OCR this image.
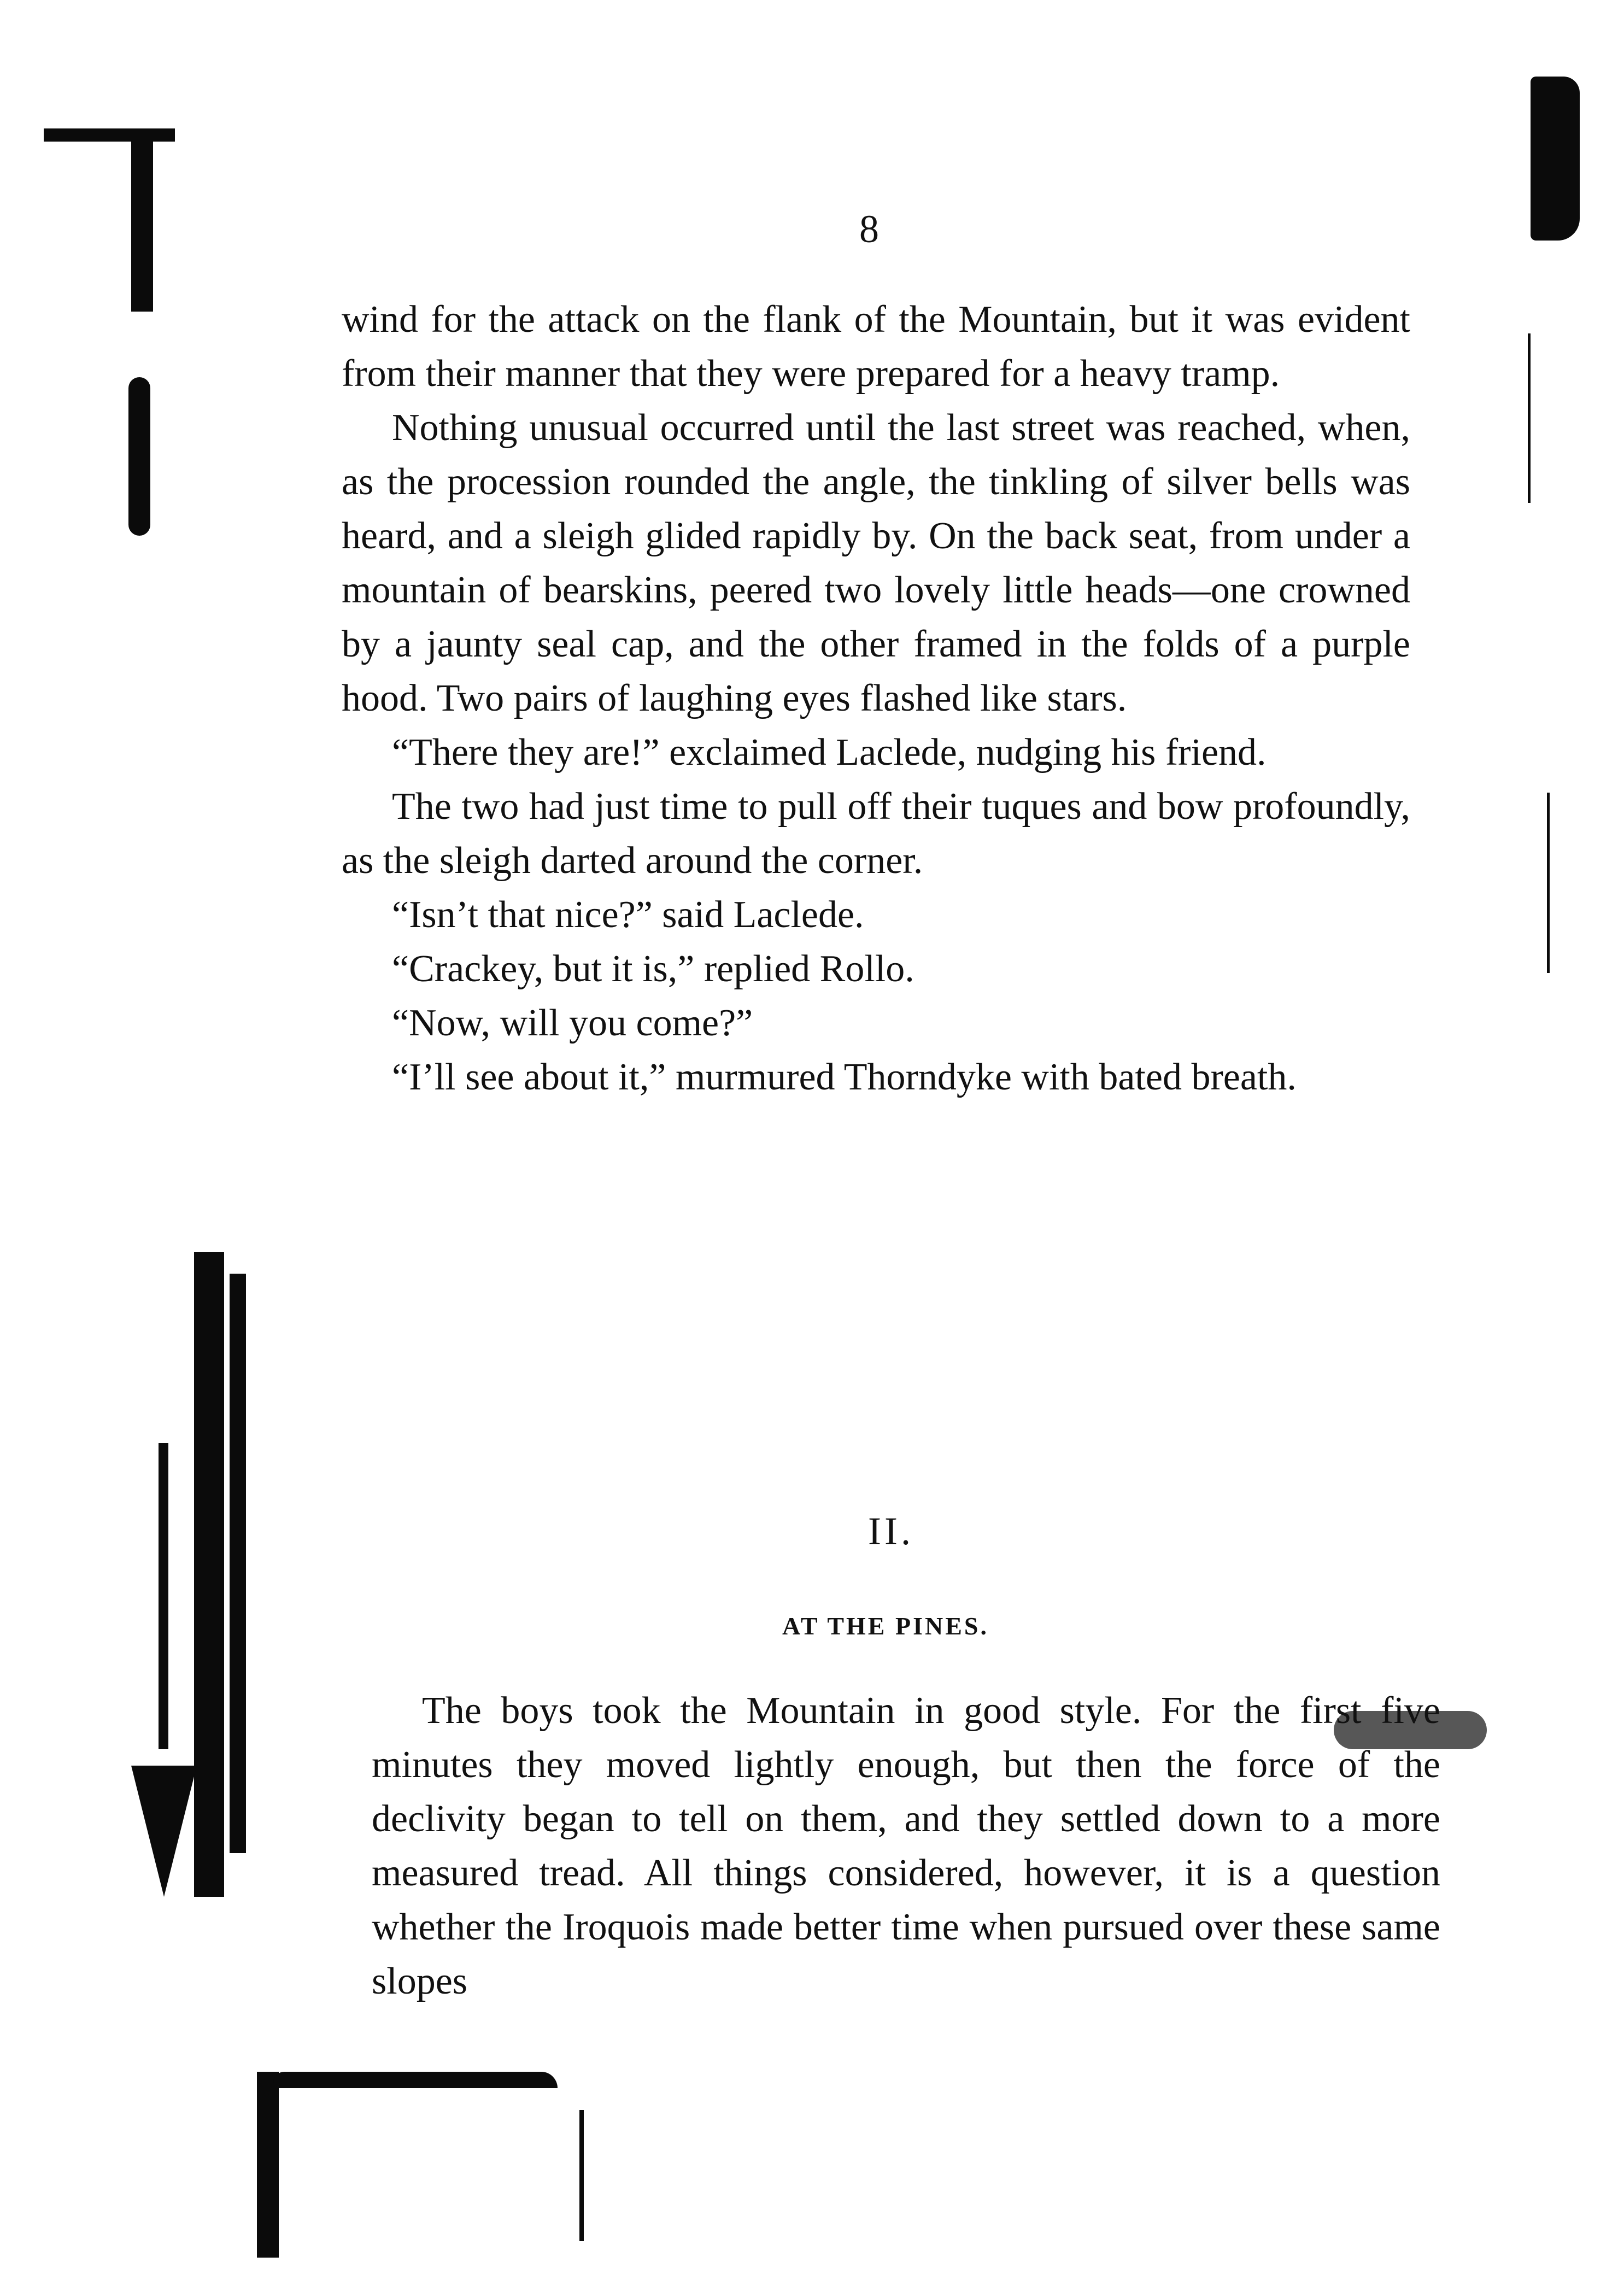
8

wind for the attack on the flank of the Mountain, but it was evident from their manner that they were prepared for a heavy tramp.

Nothing unusual occurred until the last street was reached, when, as the procession rounded the angle, the tinkling of silver bells was heard, and a sleigh glided rapidly by. On the back seat, from under a mountain of bearskins, peered two lovely little heads—one crowned by a jaunty seal cap, and the other framed in the folds of a purple hood. Two pairs of laughing eyes flashed like stars.

“There they are!” exclaimed Laclede, nudging his friend.

The two had just time to pull off their tuques and bow profoundly, as the sleigh darted around the corner.

“Isn’t that nice?” said Laclede.

“Crackey, but it is,” replied Rollo.

“Now, will you come?”

“I’ll see about it,” murmured Thorndyke with bated breath.

II.
AT THE PINES.

The boys took the Mountain in good style. For the first five minutes they moved lightly enough, but then the force of the declivity began to tell on them, and they settled down to a more measured tread. All things considered, however, it is a question whether the Iroquois made better time when pursued over these same slopes
